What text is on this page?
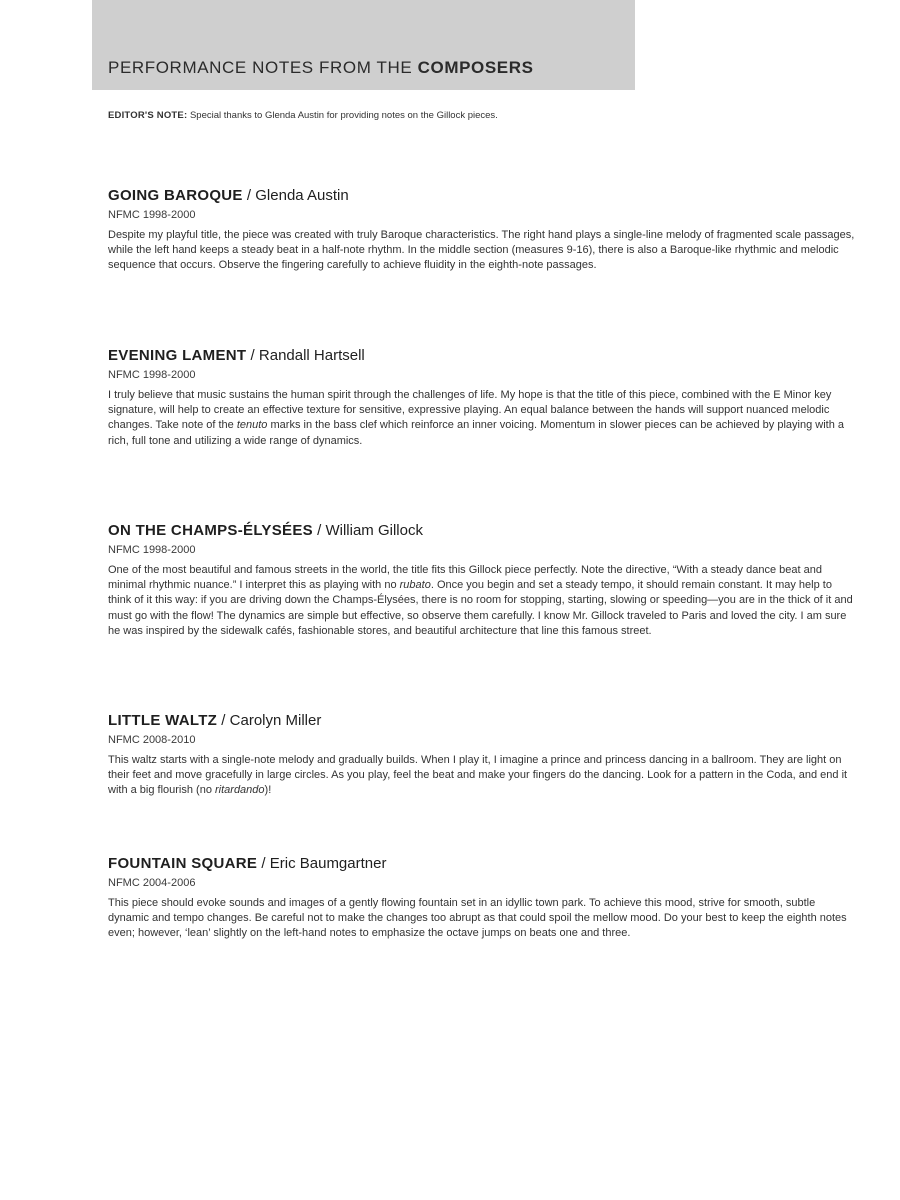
PERFORMANCE NOTES FROM THE COMPOSERS
EDITOR'S NOTE: Special thanks to Glenda Austin for providing notes on the Gillock pieces.
GOING BAROQUE / Glenda Austin
NFMC 1998-2000
Despite my playful title, the piece was created with truly Baroque characteristics. The right hand plays a single-line melody of fragmented scale passages, while the left hand keeps a steady beat in a half-note rhythm. In the middle section (measures 9-16), there is also a Baroque-like rhythmic and melodic sequence that occurs. Observe the fingering carefully to achieve fluidity in the eighth-note passages.
EVENING LAMENT / Randall Hartsell
NFMC 1998-2000
I truly believe that music sustains the human spirit through the challenges of life. My hope is that the title of this piece, combined with the E Minor key signature, will help to create an effective texture for sensitive, expressive playing. An equal balance between the hands will support nuanced melodic changes. Take note of the tenuto marks in the bass clef which reinforce an inner voicing. Momentum in slower pieces can be achieved by playing with a rich, full tone and utilizing a wide range of dynamics.
ON THE CHAMPS-ÉLYSÉES / William Gillock
NFMC 1998-2000
One of the most beautiful and famous streets in the world, the title fits this Gillock piece perfectly. Note the directive, “With a steady dance beat and minimal rhythmic nuance.” I interpret this as playing with no rubato. Once you begin and set a steady tempo, it should remain constant. It may help to think of it this way: if you are driving down the Champs-Élysées, there is no room for stopping, starting, slowing or speeding—you are in the thick of it and must go with the flow! The dynamics are simple but effective, so observe them carefully. I know Mr. Gillock traveled to Paris and loved the city. I am sure he was inspired by the sidewalk cafés, fashionable stores, and beautiful architecture that line this famous street.
LITTLE WALTZ / Carolyn Miller
NFMC 2008-2010
This waltz starts with a single-note melody and gradually builds. When I play it, I imagine a prince and princess dancing in a ballroom. They are light on their feet and move gracefully in large circles. As you play, feel the beat and make your fingers do the dancing. Look for a pattern in the Coda, and end it with a big flourish (no ritardando)!
FOUNTAIN SQUARE / Eric Baumgartner
NFMC 2004-2006
This piece should evoke sounds and images of a gently flowing fountain set in an idyllic town park. To achieve this mood, strive for smooth, subtle dynamic and tempo changes. Be careful not to make the changes too abrupt as that could spoil the mellow mood. Do your best to keep the eighth notes even; however, ‘lean’ slightly on the left-hand notes to emphasize the octave jumps on beats one and three.
